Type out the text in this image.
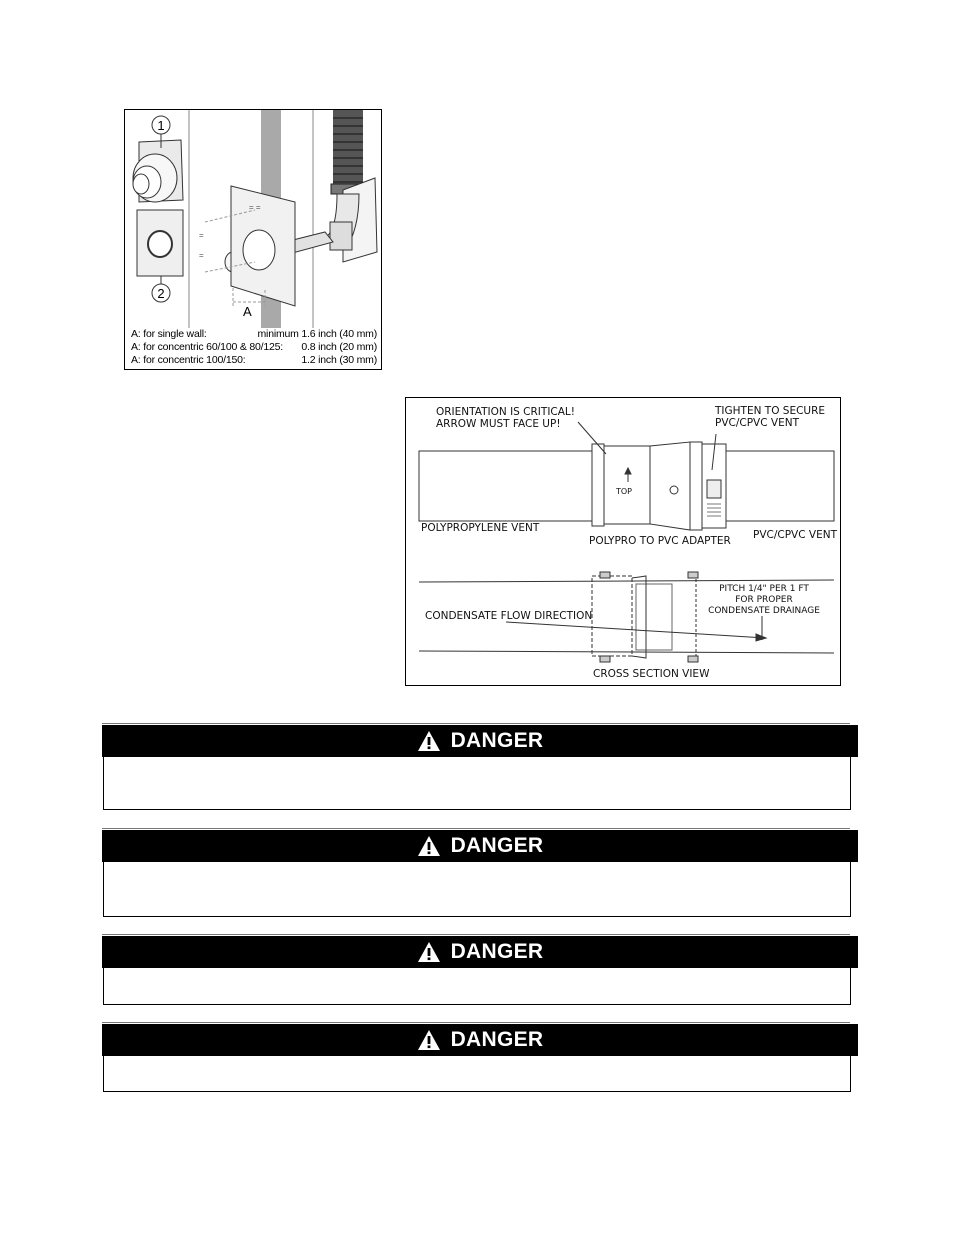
=
=
= =
1
2
A
A: for single wall:	minimum 1.6 inch (40 mm)
A: for concentric 60/100 & 80/125: 0.8 inch (20 mm)
A: for concentric 100/150:	1.2 inch (30 mm)
ORIENTATION IS CRITICAL!
ARROW MUST FACE UP!
TIGHTEN TO SECURE
PVC/CPVC VENT
TOP
POLYPROPYLENE VENT
POLYPRO TO PVC ADAPTER PVC/CPVC VENT
PITCH 1/4" PER 1 FT
FOR PROPER
CONDENSATE DRAINAGE
CONDENSATE FLOW DIRECTION
CROSS SECTION VIEW
DANGER
DANGER
DANGER
DANGER
